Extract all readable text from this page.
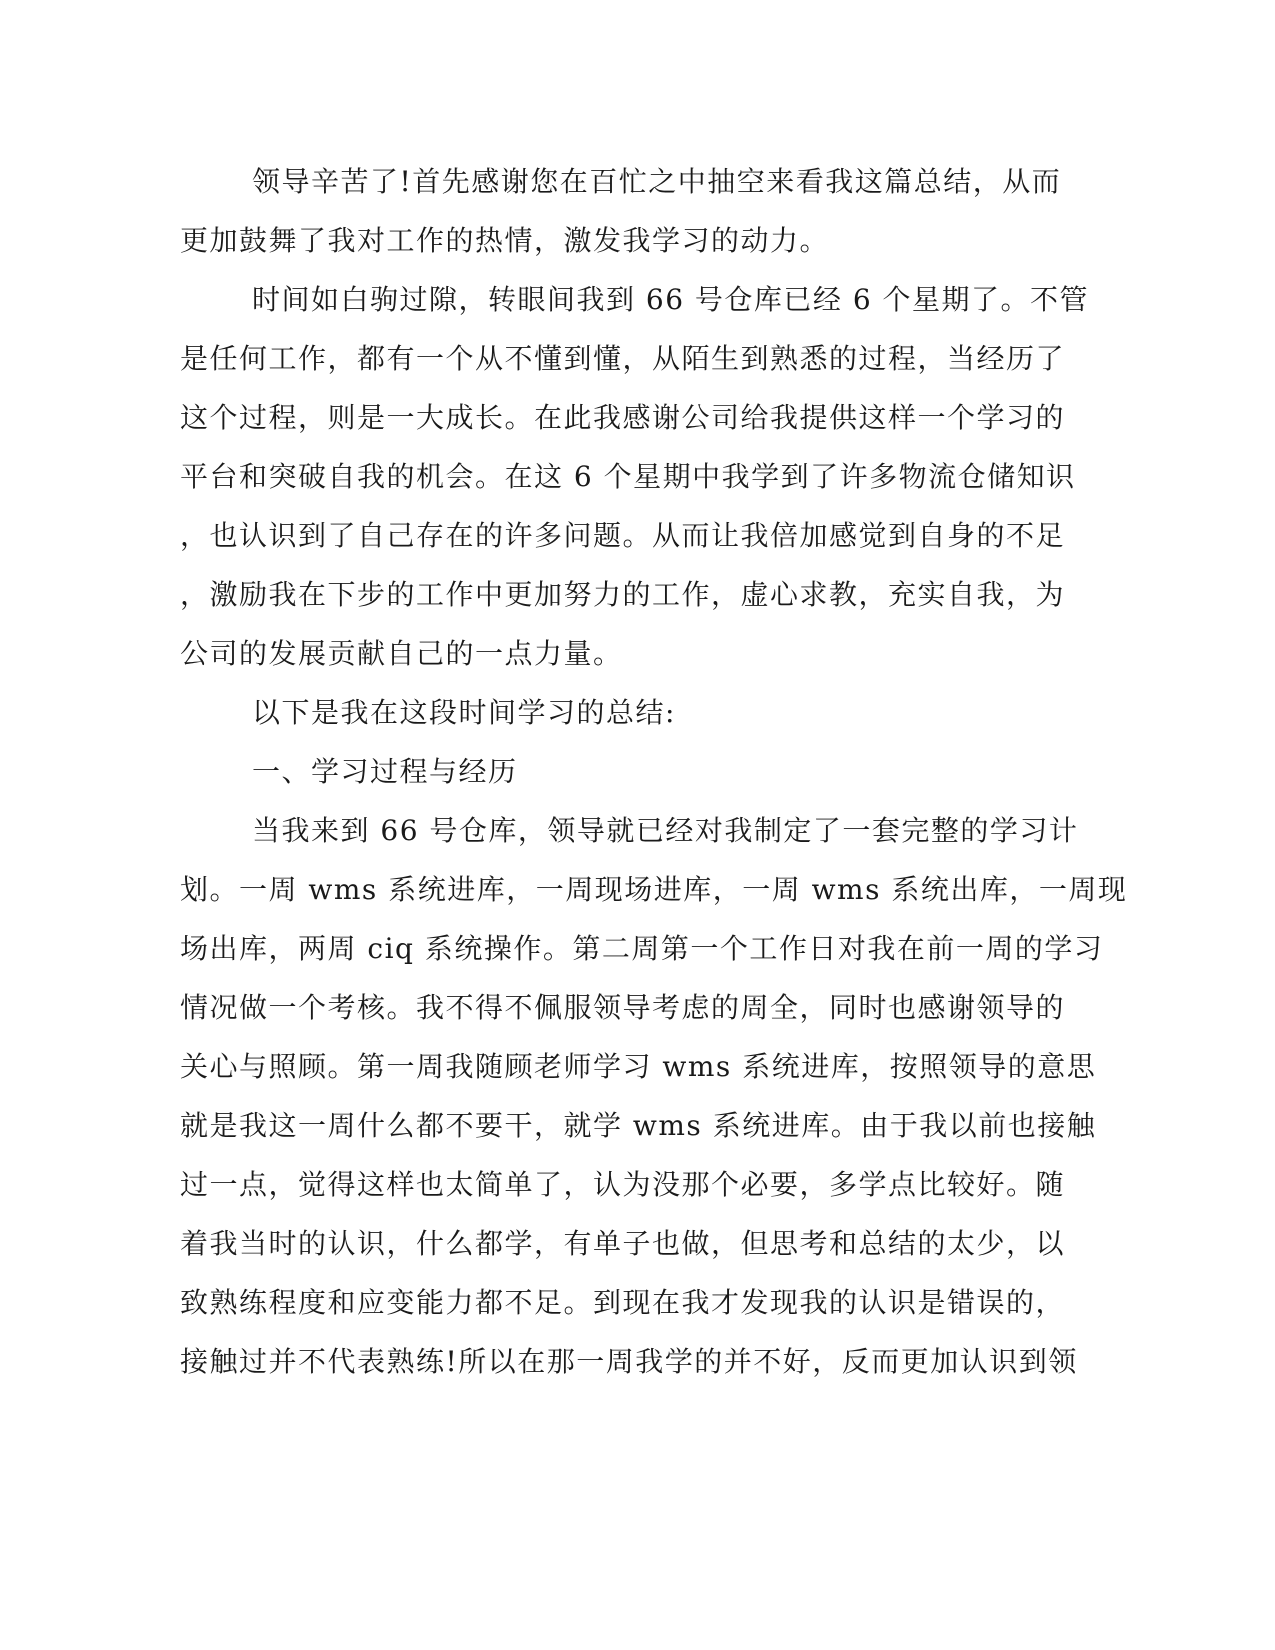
领导辛苦了!首先感谢您在百忙之中抽空来看我这篇总结，从而
更加鼓舞了我对工作的热情，激发我学习的动力。
时间如白驹过隙，转眼间我到 66 号仓库已经 6 个星期了。不管
是任何工作，都有一个从不懂到懂，从陌生到熟悉的过程，当经历了
这个过程，则是一大成长。在此我感谢公司给我提供这样一个学习的
平台和突破自我的机会。在这 6 个星期中我学到了许多物流仓储知识
，也认识到了自己存在的许多问题。从而让我倍加感觉到自身的不足
，激励我在下步的工作中更加努力的工作，虚心求教，充实自我，为
公司的发展贡献自己的一点力量。
以下是我在这段时间学习的总结:
一、学习过程与经历
当我来到 66 号仓库，领导就已经对我制定了一套完整的学习计
划。一周 wms 系统进库，一周现场进库，一周 wms 系统出库，一周现
场出库，两周 ciq 系统操作。第二周第一个工作日对我在前一周的学习
情况做一个考核。我不得不佩服领导考虑的周全，同时也感谢领导的
关心与照顾。第一周我随顾老师学习 wms 系统进库，按照领导的意思
就是我这一周什么都不要干，就学 wms 系统进库。由于我以前也接触
过一点，觉得这样也太简单了，认为没那个必要，多学点比较好。随
着我当时的认识，什么都学，有单子也做，但思考和总结的太少，以
致熟练程度和应变能力都不足。到现在我才发现我的认识是错误的，
接触过并不代表熟练!所以在那一周我学的并不好，反而更加认识到领
